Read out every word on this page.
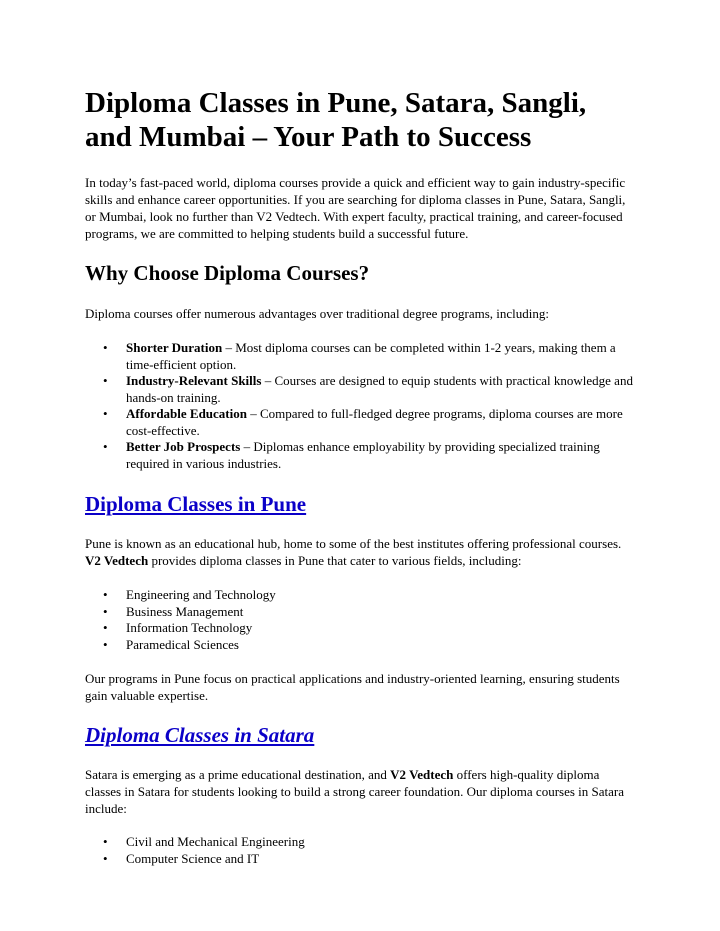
Diploma Classes in Pune, Satara, Sangli, and Mumbai – Your Path to Success

In today’s fast-paced world, diploma courses provide a quick and efficient way to gain industry-specific skills and enhance career opportunities. If you are searching for diploma classes in Pune, Satara, Sangli, or Mumbai, look no further than V2 Vedtech. With expert faculty, practical training, and career-focused programs, we are committed to helping students build a successful future.

Why Choose Diploma Courses?

Diploma courses offer numerous advantages over traditional degree programs, including:

• Shorter Duration – Most diploma courses can be completed within 1-2 years, making them a time-efficient option.
• Industry-Relevant Skills – Courses are designed to equip students with practical knowledge and hands-on training.
• Affordable Education – Compared to full-fledged degree programs, diploma courses are more cost-effective.
• Better Job Prospects – Diplomas enhance employability by providing specialized training required in various industries.
Diploma Classes in Pune

Pune is known as an educational hub, home to some of the best institutes offering professional courses. V2 Vedtech provides diploma classes in Pune that cater to various fields, including:

• Engineering and Technology
• Business Management
• Information Technology
• Paramedical Sciences

Our programs in Pune focus on practical applications and industry-oriented learning, ensuring students gain valuable expertise.

Diploma Classes in Satara

Satara is emerging as a prime educational destination, and V2 Vedtech offers high-quality diploma classes in Satara for students looking to build a strong career foundation. Our diploma courses in Satara include:

• Civil and Mechanical Engineering
• Computer Science and IT
